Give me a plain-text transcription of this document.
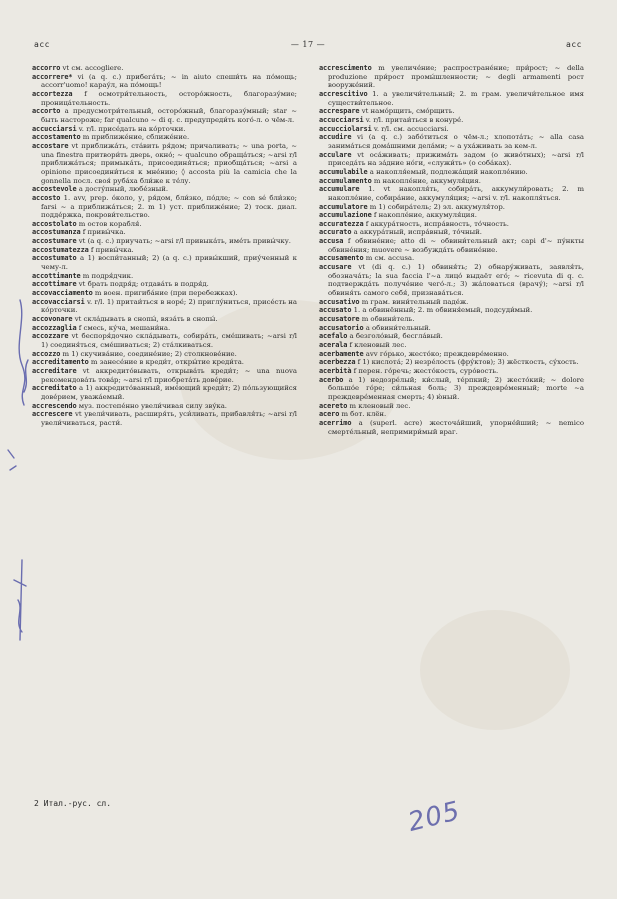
acc	— 17 —	acc

accorro vt см. accogliere.

accorrere* vi (a q. c.) прибега́ть; ~ in aiuto спеши́ть на по́мощь; accorr'uomo! карау́л, на по́мощь!

accortezza f осмотри́тельность, осторо́жность, благоразу́мие; проница́тельность.

accorto a предусмотри́тельный, осторо́жный, благоразу́мный; star ~ быть настороже; far qualcuno ~ di q. c. предупреди́ть кого́-л. о чём-л.

accucciarsi v. r/l. присе́дать на ко́рточки.

accostamento m приближе́ние, сближе́ние.

accostare vt приближа́ть, ста́вить ря́дом; причаливать; ~ una porta, ~ una finestra притвори́ть дверь, окно́; ~ qualcuno обраща́ться; ~arsi r/l приближа́ться; примыка́ть, присоединя́ться; приобща́ться; ~arsi a opinione присоедини́ться к мне́нию; ◊ accosta più la camicia che la gonnella посл. своя́ руба́ха бли́же к те́лу.

accostevole a досту́пный, любе́зный.

accosto 1. avv, prep. о́коло, у, ря́дом, бли́зко, по́дле; ~ con sé бли́зко; farsi ~ a приближа́ться; 2. m 1) уст. приближе́ние; 2) тоск. диал. подде́ржка, покрови́тельство.

accostolato m остов корабля́.

accostumanza f привы́чка.

accostumare vt (a q. c.) приучать; ~arsi r/l привыка́ть, име́ть привы́чку.

accostumatezza f привы́чка.

accostumato a 1) воспи́танный; 2) (a q. c.) привы́кший, приу́ченный к чему-л.

accottimante m подря́дчик.

accottimare vt брать подря́д; отдава́ть в подря́д.

accovacciamento m воен. пригиба́ние (при перебежках).

accovacciarsi v. r/l. 1) притаи́ться в норе́; 2) приглу́ниться, присе́сть на ко́рточки.

accovonare vt скла́дывать в снопы́, вяза́ть в снопы́.

accozzaglia f смесь, ку́ча, мешани́на.

accozzare vt беспоря́дочно скла́дывать, собира́ть, сме́шивать; ~arsi r/l 1) соединя́ться, сме́шиваться; 2) ста́лкиваться.

accozzo m 1) скучива́ние, соедине́ние; 2) столкнове́ние.

accreditamento m занесе́ние в креди́т, откры́тие креди́та.

accreditare vt аккредито́вывать, открыва́ть креди́т; ~ una nuova рекомендова́ть това́р; ~arsi r/l приобрета́ть дове́рие.

accreditato a 1) аккредито́ванный, име́ющий креди́т; 2) по́льзующийся дове́рием, уважа́емый.

accrescendo муз. постепе́нно увели́чивая силу зву́ка.

accrescere vt увели́чивать, расширя́ть, уси́ливать, прибавля́ть; ~arsi r/l увели́чиваться, расти́.

accrescimento m увеличе́ние; распростране́ние; при́рост; ~ della produzione при́рост промы́шленности; ~ degli armamenti рост вооруже́ний.

accrescitivo 1. a увеличи́тельный; 2. m грам. увеличи́тельное имя существи́тельное.

accresparе vt намо́рщить, смо́рщить.

accucciarsi v. r/l. притаи́ться в конуре́.

accucciolarsi v. r/l. см. accucciarsi.

accudire vi (a q. c.) забо́титься о чём-л.; хлопота́ть; ~ alla casa занима́ться дома́шними дела́ми; ~ a уха́живать за кем-л.

acculare vt оса́живать; прижима́ть задом (о живо́тных); ~arsi r/l приседа́ть на за́дние но́ги, «служи́ть» (о соба́ках).

accumulabile a накопля́емый, подлежа́щий накопле́нию.

accumulamento m накопле́ние, аккумуля́ция.

accumulare 1. vt накопля́ть, собира́ть, аккумули́ровать; 2. m накопле́ние, собира́ние, аккумуля́ция; ~arsi v. r/l. накопля́ться.

accumulatore m 1) собира́тель; 2) эл. аккумуля́тор.

accumulazione f накопле́ние, аккумуля́ция.

accuratezza f аккура́тность, испра́вность, то́чность.

accurato a аккура́тный, испра́вный, то́чный.

accusa f обвине́ние; atto di ~ обвини́тельный акт; capi d'~ пу́нкты обвине́ния; muovere ~ возбужда́ть обвине́ние.

accusamento m см. accusa.

accusare vt (di q. c.) 1) обвиня́ть; 2) обнару́живать, заявля́ть, обознача́ть; la sua faccia l'~a лицо́ выдаёт его́; ~ ricevuta di q. c. подтвержда́ть получе́ние чего́-л.; 3) жа́ловаться (врачу́); ~arsi r/l обвиня́ть самого себя́, признава́ться.

accusativo m грам. вини́тельный паде́ж.

accusato 1. a обвинённый; 2. m обвиня́емый, подсуди́мый.

accusatore m обвини́тель.

accusatorio a обвини́тельный.

acefalo a безголо́вый, бесгла́вый.

acerala f кленовый лес.

acerbamente avv го́рько, жесто́ко; преждевре́менно.

acerbezza f 1) кислота́; 2) незре́лость (фру́ктов); 3) жёсткость, су́хость.

acerbità f перен. го́речь; жесто́кость, суро́вость.

acerbo a 1) недозре́лый; ки́слый, те́рпкий; 2) жесто́кий; ~ dolore большо́е го́ре; си́льная боль; 3) преждевре́менный; morte ~a преждевре́менная смерть; 4) ю́ный.

acereto m кленовый лес.

acero m бот. клён.

acerrimo a (superl. acre) жесточа́йший, упорне́йший; ~ nemico смерте́льный, непримири́мый враг.

2 Итал.-рус. сл.	205
